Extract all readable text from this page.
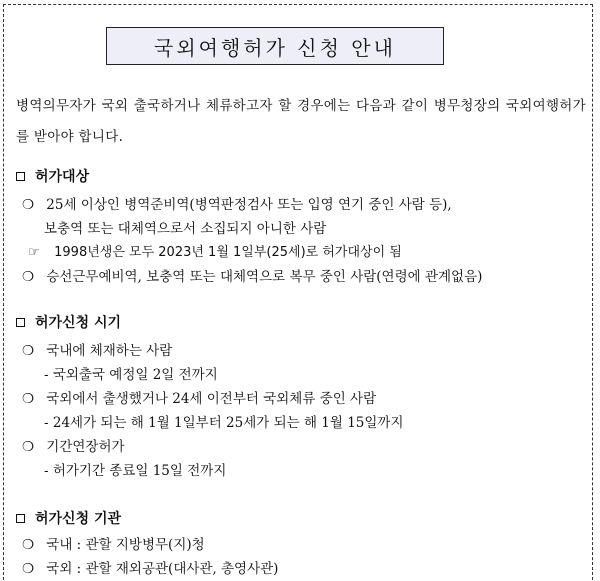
국외여행허가 신청 안내
병역의무자가 국외 출국하거나 체류하고자 할 경우에는 다음과 같이 병무청장의 국외여행허가를 받아야 합니다.
허가대상
❍ 25세 이상인 병역준비역(병역판정검사 또는 입영 연기 중인 사람 등),
보충역 또는 대체역으로서 소집되지 아니한 사람
☞ 1998년생은 모두 2023년 1월 1일부(25세)로 허가대상이 됨
❍ 승선근무예비역, 보충역 또는 대체역으로 복무 중인 사람(연령에 관계없음)
허가신청 시기
❍ 국내에 체재하는 사람
- 국외출국 예정일 2일 전까지
❍ 국외에서 출생했거나 24세 이전부터 국외체류 중인 사람
- 24세가 되는 해 1월 1일부터 25세가 되는 해 1월 15일까지
❍ 기간연장허가
- 허가기간 종료일 15일 전까지
허가신청 기관
❍ 국내 : 관할 지방병무(지)청
❍ 국외 : 관할 재외공관(대사관, 총영사관)
